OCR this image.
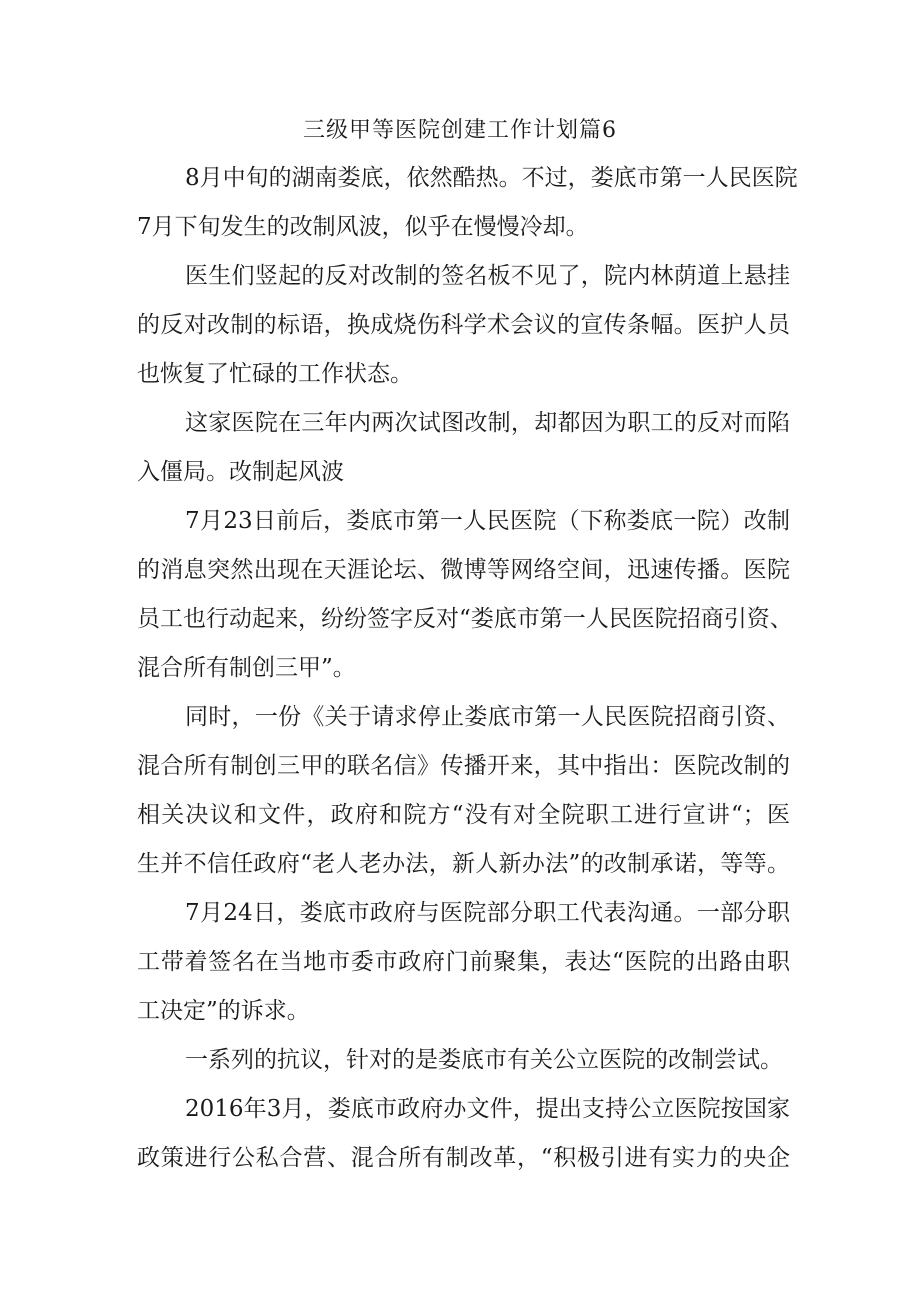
三级甲等医院创建工作计划篇6

8月中旬的湖南娄底，依然酷热。不过，娄底市第一人民医院

7月下旬发生的改制风波，似乎在慢慢冷却。

医生们竖起的反对改制的签名板不见了，院内林荫道上悬挂

的反对改制的标语，换成烧伤科学术会议的宣传条幅。医护人员

也恢复了忙碌的工作状态。

这家医院在三年内两次试图改制，却都因为职工的反对而陷

入僵局。改制起风波

7月23日前后，娄底市第一人民医院（下称娄底一院）改制

的消息突然出现在天涯论坛、微博等网络空间，迅速传播。医院

员工也行动起来，纷纷签字反对“娄底市第一人民医院招商引资、

混合所有制创三甲”。

同时，一份《关于请求停止娄底市第一人民医院招商引资、

混合所有制创三甲的联名信》传播开来，其中指出：医院改制的

相关决议和文件，政府和院方“没有对全院职工进行宣讲“；医

生并不信任政府“老人老办法，新人新办法”的改制承诺，等等。

7月24日，娄底市政府与医院部分职工代表沟通。一部分职

工带着签名在当地市委市政府门前聚集，表达“医院的出路由职

工决定”的诉求。

一系列的抗议，针对的是娄底市有关公立医院的改制尝试。

2016年3月，娄底市政府办文件，提出支持公立医院按国家

政策进行公私合营、混合所有制改革，“积极引进有实力的央企
